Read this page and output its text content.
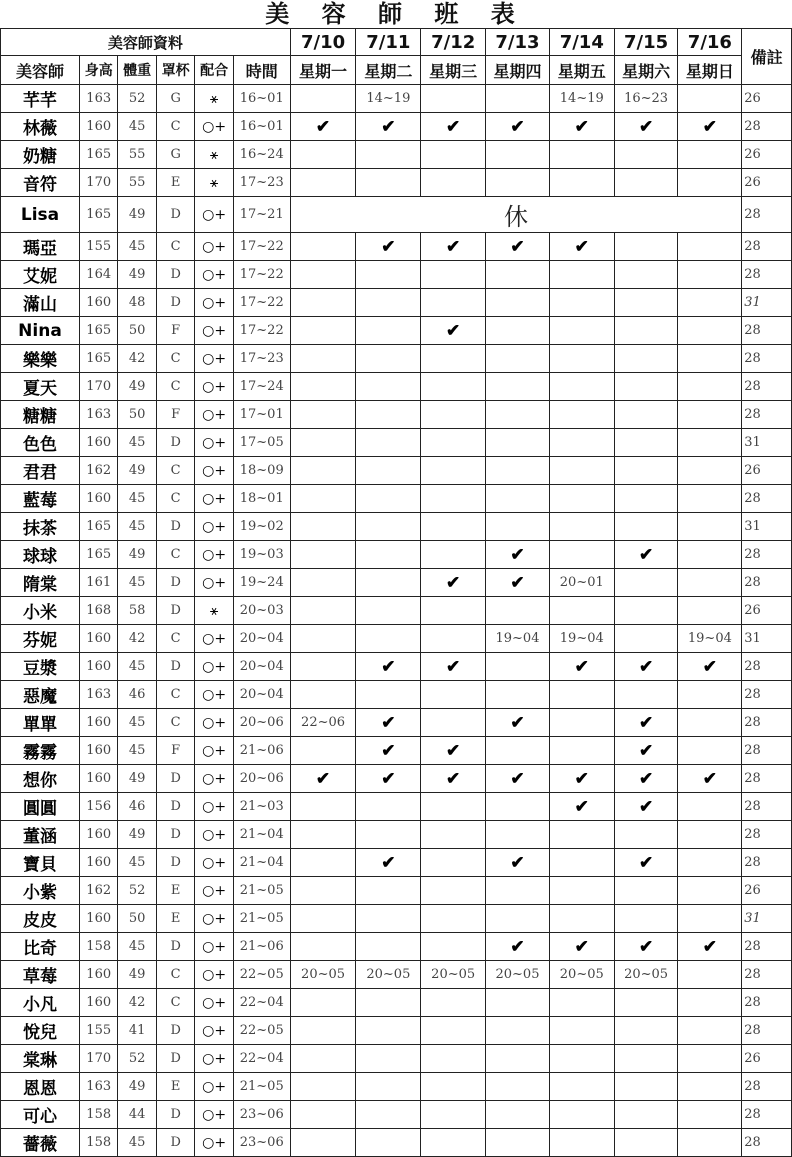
美 容 師 班 表
美容師資料						7/10	7/11	7/12	7/13	7/14	7/15	7/16	備註
美容師	身高	體重	罩杯	配合	時間	星期一	星期二	星期三	星期四	星期五	星期六	星期日	
芊芊	163	52	G	⚹	16~01		14~19			14~19	16~23		26
林薇	160	45	C	○+	16~01	✔	✔	✔	✔	✔	✔	✔	28
奶糖	165	55	G	⚹	16~24								26
音符	170	55	E	⚹	17~23								26
Lisa	165	49	D	○+	17~21	休							28
瑪亞	155	45	C	○+	17~22		✔	✔	✔	✔			28
艾妮	164	49	D	○+	17~22								28
滿山	160	48	D	○+	17~22								31
Nina	165	50	F	○+	17~22			✔					28
樂樂	165	42	C	○+	17~23								28
夏天	170	49	C	○+	17~24								28
糖糖	163	50	F	○+	17~01								28
色色	160	45	D	○+	17~05								31
君君	162	49	C	○+	18~09								26
藍莓	160	45	C	○+	18~01								28
抹茶	165	45	D	○+	19~02								31
球球	165	49	C	○+	19~03				✔		✔		28
隋棠	161	45	D	○+	19~24			✔	✔	20~01			28
小米	168	58	D	⚹	20~03								26
芬妮	160	42	C	○+	20~04				19~04	19~04		19~04	31
豆漿	160	45	D	○+	20~04		✔	✔		✔	✔	✔	28
惡魔	163	46	C	○+	20~04								28
單單	160	45	C	○+	20~06	22~06	✔		✔		✔		28
霧霧	160	45	F	○+	21~06		✔	✔			✔		28
想你	160	49	D	○+	20~06	✔	✔	✔	✔	✔	✔	✔	28
圓圓	156	46	D	○+	21~03					✔	✔		28
董涵	160	49	D	○+	21~04								28
寶貝	160	45	D	○+	21~04		✔		✔		✔		28
小紫	162	52	E	○+	21~05								26
皮皮	160	50	E	○+	21~05								31
比奇	158	45	D	○+	21~06				✔	✔	✔	✔	28
草莓	160	49	C	○+	22~05	20~05	20~05	20~05	20~05	20~05	20~05		28
小凡	160	42	C	○+	22~04								28
悅兒	155	41	D	○+	22~05								28
棠琳	170	52	D	○+	22~04								26
恩恩	163	49	E	○+	21~05								28
可心	158	44	D	○+	23~06								28
薔薇	158	45	D	○+	23~06								28
